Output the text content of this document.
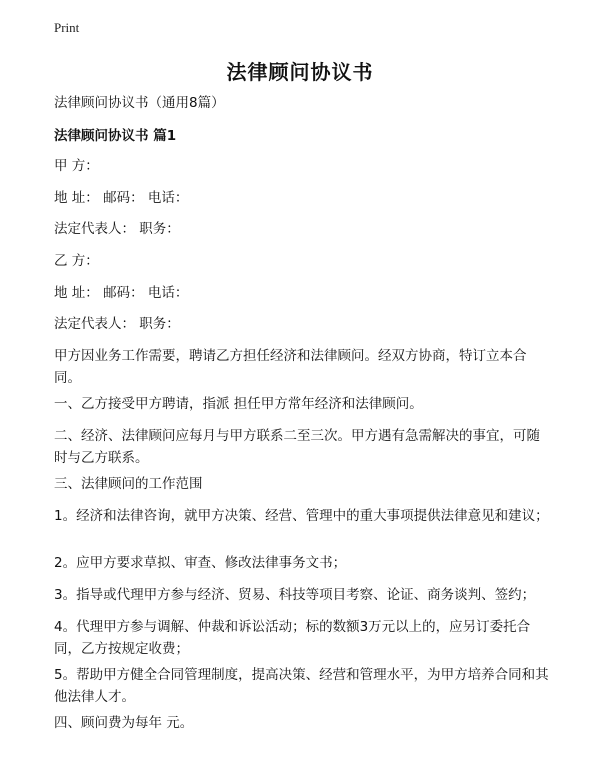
Print
法律顾问协议书
法律顾问协议书（通用8篇）
法律顾问协议书 篇1
甲 方：
地 址： 邮码： 电话：
法定代表人： 职务：
乙 方：
地 址： 邮码： 电话：
法定代表人： 职务：
甲方因业务工作需要，聘请乙方担任经济和法律顾问。经双方协商，特订立本合同。
一、乙方接受甲方聘请，指派 担任甲方常年经济和法律顾问。
二、经济、法律顾问应每月与甲方联系二至三次。甲方遇有急需解决的事宜，可随时与乙方联系。
三、法律顾问的工作范围
1。经济和法律咨询，就甲方决策、经营、管理中的重大事项提供法律意见和建议；
2。应甲方要求草拟、审查、修改法律事务文书；
3。指导或代理甲方参与经济、贸易、科技等项目考察、论证、商务谈判、签约；
4。代理甲方参与调解、仲裁和诉讼活动；标的数额3万元以上的，应另订委托合同，乙方按规定收费；
5。帮助甲方健全合同管理制度，提高决策、经营和管理水平，为甲方培养合同和其他法律人才。
四、顾问费为每年 元。
